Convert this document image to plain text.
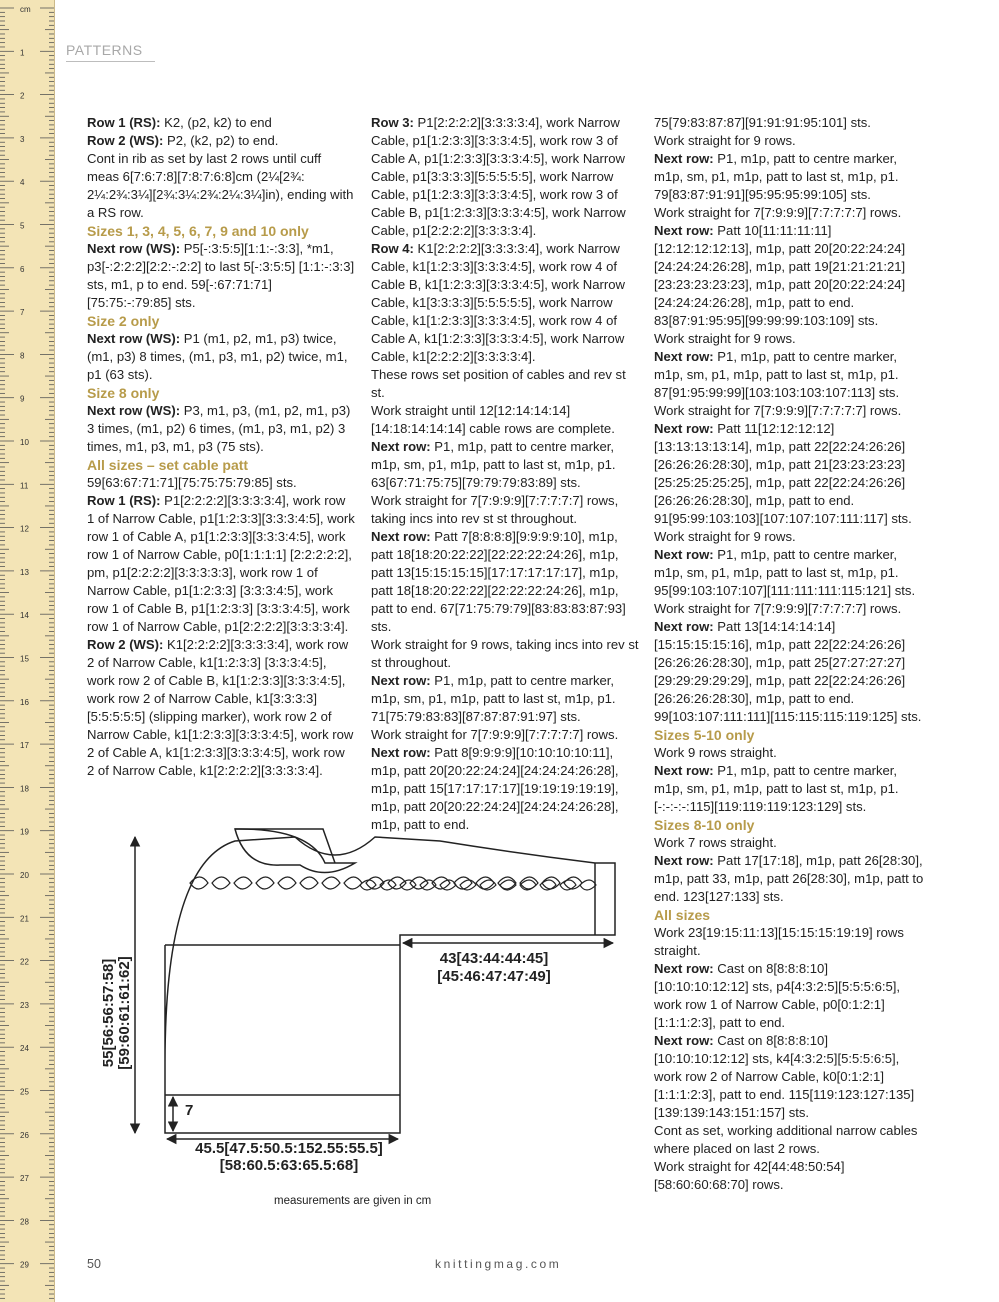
cm
1
2
3
4
5
6
7
8
9
10
11
12
13
14
15
16
17
18
19
20
21
22
23
24
25
26
27
28
29
PATTERNS

Row 1 (RS): K2, (p2, k2) to end

Row 2 (WS): P2, (k2, p2) to end.

Cont in rib as set by last 2 rows until cuff meas 6[7:6:7:8][7:8:7:6:8]cm (2¼[2¾: 2¼:2¾:3¼][2¾:3¼:2¾:2¼:3¼]in), ending with a RS row.

Sizes 1, 3, 4, 5, 6, 7, 9 and 10 only

Next row (WS): P5[-:3:5:5][1:1:-:3:3], *m1, p3[-:2:2:2][2:2:-:2:2] to last 5[-:3:5:5] [1:1:-:3:3] sts, m1, p to end. 59[-:67:71:71][75:75:-:79:85] sts.

Size 2 only

Next row (WS): P1 (m1, p2, m1, p3) twice, (m1, p3) 8 times, (m1, p3, m1, p2) twice, m1, p1 (63 sts).

Size 8 only

Next row (WS): P3, m1, p3, (m1, p2, m1, p3) 3 times, (m1, p2) 6 times, (m1, p3, m1, p2) 3 times, m1, p3, m1, p3 (75 sts).

All sizes – set cable patt

59[63:67:71:71][75:75:75:79:85] sts.

Row 1 (RS): P1[2:2:2:2][3:3:3:3:4], work row 1 of Narrow Cable, p1[1:2:3:3][3:3:3:4:5], work row 1 of Cable A, p1[1:2:3:3][3:3:3:4:5], work row 1 of Narrow Cable, p0[1:1:1:1] [2:2:2:2:2], pm, p1[2:2:2:2][3:3:3:3:3], work row 1 of Narrow Cable, p1[1:2:3:3] [3:3:3:4:5], work row 1 of Cable B, p1[1:2:3:3] [3:3:3:4:5], work row 1 of Narrow Cable, p1[2:2:2:2][3:3:3:3:4].

Row 2 (WS): K1[2:2:2:2][3:3:3:3:4], work row 2 of Narrow Cable, k1[1:2:3:3] [3:3:3:4:5], work row 2 of Cable B, k1[1:2:3:3][3:3:3:4:5], work row 2 of Narrow Cable, k1[3:3:3:3][5:5:5:5:5] (slipping marker), work row 2 of Narrow Cable, k1[1:2:3:3][3:3:3:4:5], work row 2 of Cable A, k1[1:2:3:3][3:3:3:4:5], work row 2 of Narrow Cable, k1[2:2:2:2][3:3:3:3:4].

Row 3: P1[2:2:2:2][3:3:3:3:4], work Narrow Cable, p1[1:2:3:3][3:3:3:4:5], work row 3 of Cable A, p1[1:2:3:3][3:3:3:4:5], work Narrow Cable, p1[3:3:3:3][5:5:5:5:5], work Narrow Cable, p1[1:2:3:3][3:3:3:4:5], work row 3 of Cable B, p1[1:2:3:3][3:3:3:4:5], work Narrow Cable, p1[2:2:2:2][3:3:3:3:4].

Row 4: K1[2:2:2:2][3:3:3:3:4], work Narrow Cable, k1[1:2:3:3][3:3:3:4:5], work row 4 of Cable B, k1[1:2:3:3][3:3:3:4:5], work Narrow Cable, k1[3:3:3:3][5:5:5:5:5], work Narrow Cable, k1[1:2:3:3][3:3:3:4:5], work row 4 of Cable A, k1[1:2:3:3][3:3:3:4:5], work Narrow Cable, k1[2:2:2:2][3:3:3:3:4].

These rows set position of cables and rev st st.

Work straight until 12[12:14:14:14] [14:18:14:14:14] cable rows are complete.

Next row: P1, m1p, patt to centre marker, m1p, sm, p1, m1p, patt to last st, m1p, p1. 63[67:71:75:75][79:79:79:83:89] sts.

Work straight for 7[7:9:9:9][7:7:7:7:7] rows, taking incs into rev st st throughout.

Next row: Patt 7[8:8:8:8][9:9:9:9:10], m1p, patt 18[18:20:22:22][22:22:22:24:26], m1p, patt 13[15:15:15:15][17:17:17:17:17], m1p, patt 18[18:20:22:22][22:22:22:24:26], m1p, patt to end. 67[71:75:79:79][83:83:83:87:93] sts.

Work straight for 9 rows, taking incs into rev st st throughout.

Next row: P1, m1p, patt to centre marker, m1p, sm, p1, m1p, patt to last st, m1p, p1. 71[75:79:83:83][87:87:87:91:97] sts.

Work straight for 7[7:9:9:9][7:7:7:7:7] rows.

Next row: Patt 8[9:9:9:9][10:10:10:10:11], m1p, patt 20[20:22:24:24][24:24:24:26:28], m1p, patt 15[17:17:17:17][19:19:19:19:19], m1p, patt 20[20:22:24:24][24:24:24:26:28], m1p, patt to end.

75[79:83:87:87][91:91:91:95:101] sts.

Work straight for 9 rows.

Next row: P1, m1p, patt to centre marker, m1p, sm, p1, m1p, patt to last st, m1p, p1. 79[83:87:91:91][95:95:95:99:105] sts.

Work straight for 7[7:9:9:9][7:7:7:7:7] rows.

Next row: Patt 10[11:11:11:11][12:12:12:12:13], m1p, patt 20[20:22:24:24][24:24:24:26:28], m1p, patt 19[21:21:21:21][23:23:23:23:23], m1p, patt 20[20:22:24:24][24:24:24:26:28], m1p, patt to end. 83[87:91:95:95][99:99:99:103:109] sts.

Work straight for 9 rows.

Next row: P1, m1p, patt to centre marker, m1p, sm, p1, m1p, patt to last st, m1p, p1. 87[91:95:99:99][103:103:103:107:113] sts.

Work straight for 7[7:9:9:9][7:7:7:7:7] rows.

Next row: Patt 11[12:12:12:12][13:13:13:13:14], m1p, patt 22[22:24:26:26][26:26:26:28:30], m1p, patt 21[23:23:23:23][25:25:25:25:25], m1p, patt 22[22:24:26:26][26:26:26:28:30], m1p, patt to end. 91[95:99:103:103][107:107:107:111:117] sts.

Work straight for 9 rows.

Next row: P1, m1p, patt to centre marker, m1p, sm, p1, m1p, patt to last st, m1p, p1. 95[99:103:107:107][111:111:111:115:121] sts.

Work straight for 7[7:9:9:9][7:7:7:7:7] rows.

Next row: Patt 13[14:14:14:14][15:15:15:15:16], m1p, patt 22[22:24:26:26][26:26:26:28:30], m1p, patt 25[27:27:27:27][29:29:29:29:29], m1p, patt 22[22:24:26:26][26:26:26:28:30], m1p, patt to end. 99[103:107:111:111][115:115:115:119:125] sts.

Sizes 5-10 only

Work 9 rows straight.

Next row: P1, m1p, patt to centre marker, m1p, sm, p1, m1p, patt to last st, m1p, p1. [-:-:-:-:115][119:119:119:123:129] sts.

Sizes 8-10 only

Work 7 rows straight.

Next row: Patt 17[17:18], m1p, patt 26[28:30], m1p, patt 33, m1p, patt 26[28:30], m1p, patt to end. 123[127:133] sts.

All sizes

Work 23[19:15:11:13][15:15:15:19:19] rows straight.

Next row: Cast on 8[8:8:8:10] [10:10:10:12:12] sts, p4[4:3:2:5][5:5:5:6:5], work row 1 of Narrow Cable, p0[0:1:2:1] [1:1:1:2:3], patt to end.

Next row: Cast on 8[8:8:8:10] [10:10:10:12:12] sts, k4[4:3:2:5][5:5:5:6:5], work row 2 of Narrow Cable, k0[0:1:2:1] [1:1:1:2:3], patt to end. 115[119:123:127:135][139:139:143:151:157] sts.

Cont as set, working additional narrow cables where placed on last 2 rows.

Work straight for 42[44:48:50:54] [58:60:60:68:70] rows.

55[56:56:57:58] [59:60:61:61:62]	43[43:44:44:45]
[45:46:47:47:49]
7
45.5[47.5:50.5:152.55:55.5]
[58:60.5:63:65.5:68]
measurements are given in cm
50	knittingmag.com
